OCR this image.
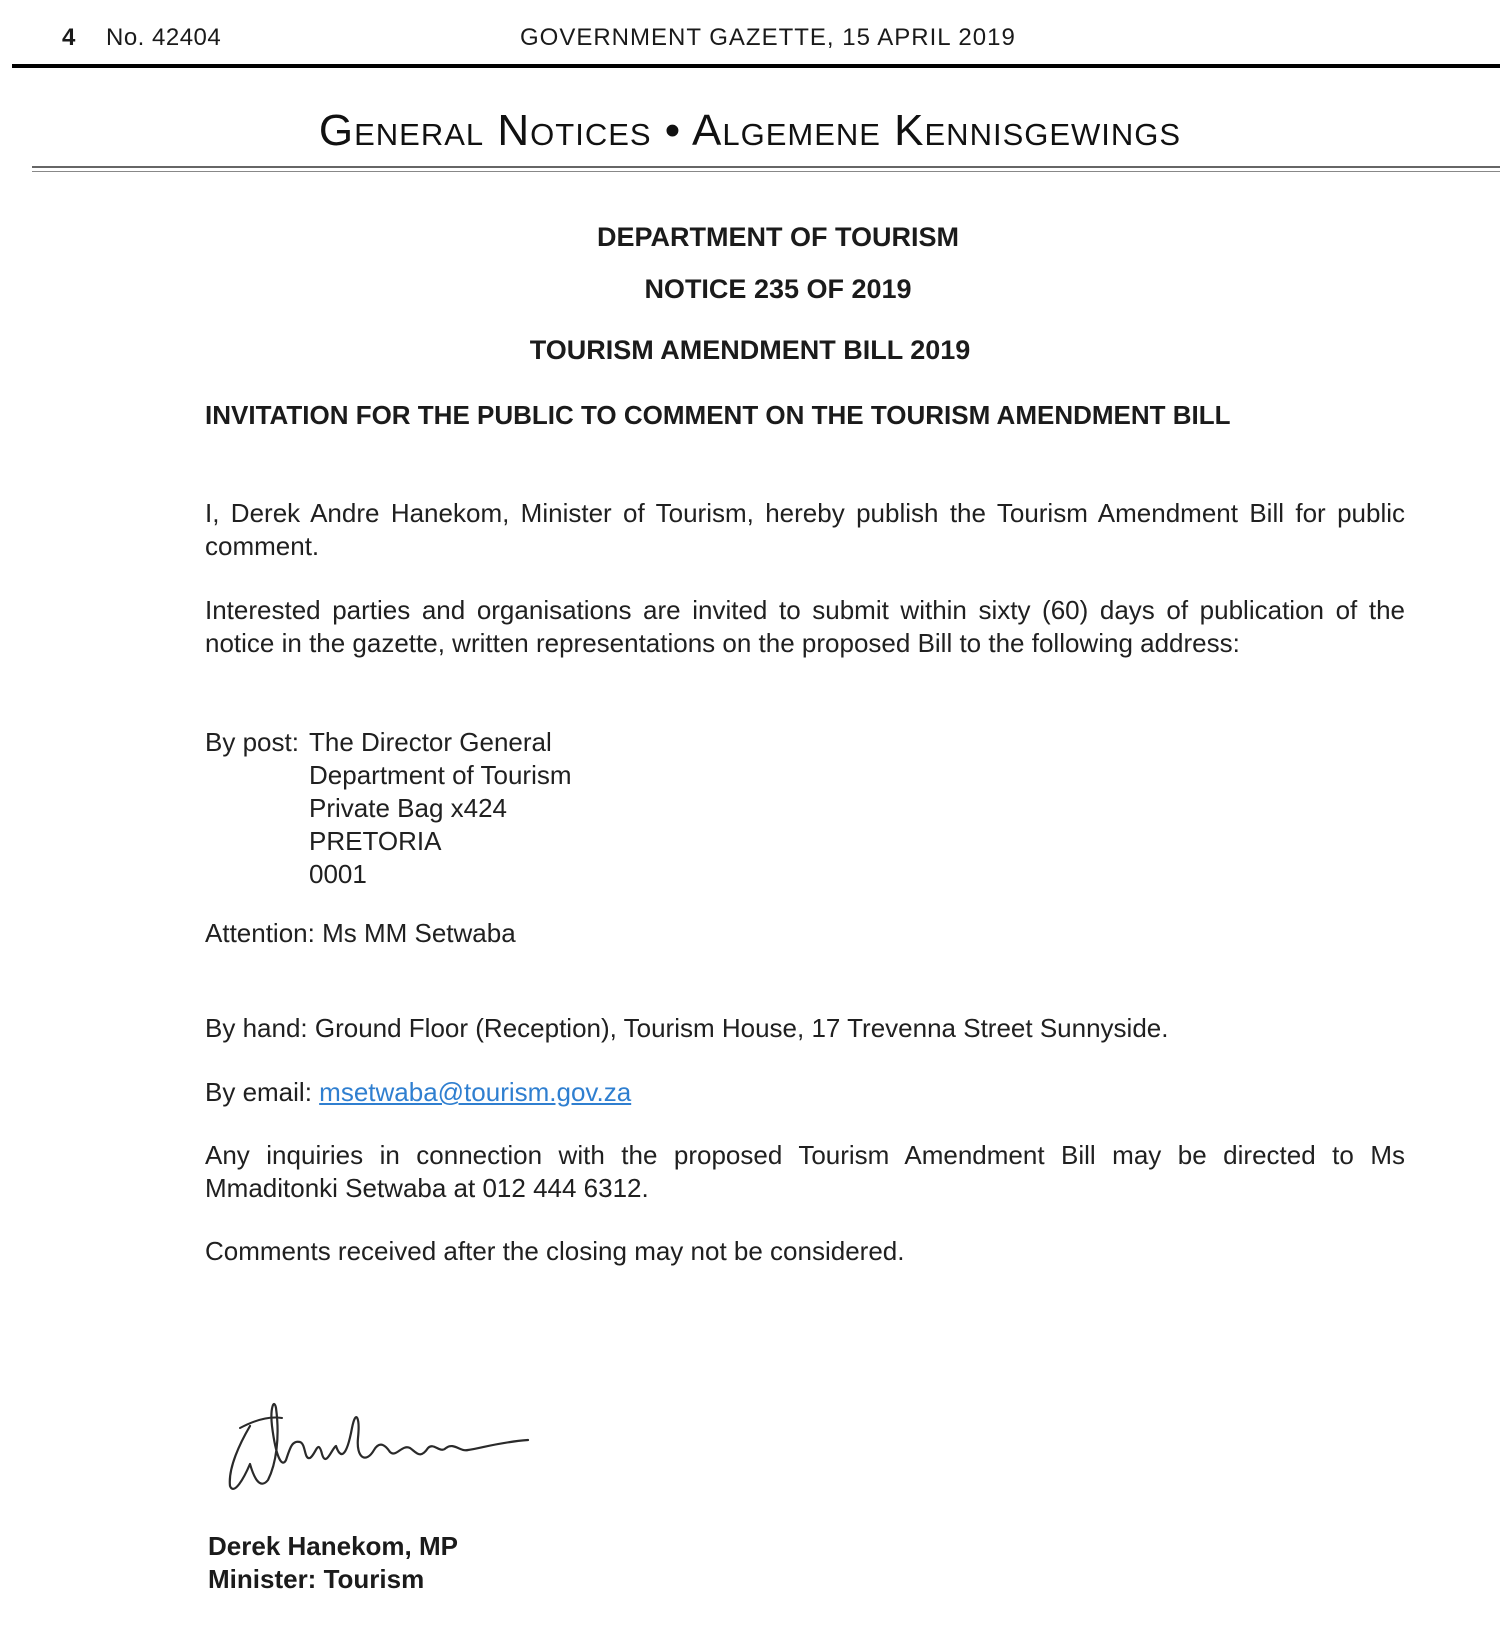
4 No. 42404	GOVERNMENT GAZETTE, 15 APRIL 2019
General Notices • Algemene Kennisgewings
DEPARTMENT OF TOURISM
NOTICE 235 OF 2019
TOURISM AMENDMENT BILL 2019
INVITATION FOR THE PUBLIC TO COMMENT ON THE TOURISM AMENDMENT BILL
I, Derek Andre Hanekom, Minister of Tourism, hereby publish the Tourism Amendment Bill for public comment.
Interested parties and organisations are invited to submit within sixty (60) days of publication of the notice in the gazette, written representations on the proposed Bill to the following address:
By post: The Director General
Department of Tourism
Private Bag x424
PRETORIA
0001
Attention: Ms MM Setwaba
By hand: Ground Floor (Reception), Tourism House, 17 Trevenna Street Sunnyside.
By email: msetwaba@tourism.gov.za
Any inquiries in connection with the proposed Tourism Amendment Bill may be directed to Ms Mmaditonki Setwaba at 012 444 6312.
Comments received after the closing may not be considered.
Derek Hanekom, MP
Minister: Tourism
